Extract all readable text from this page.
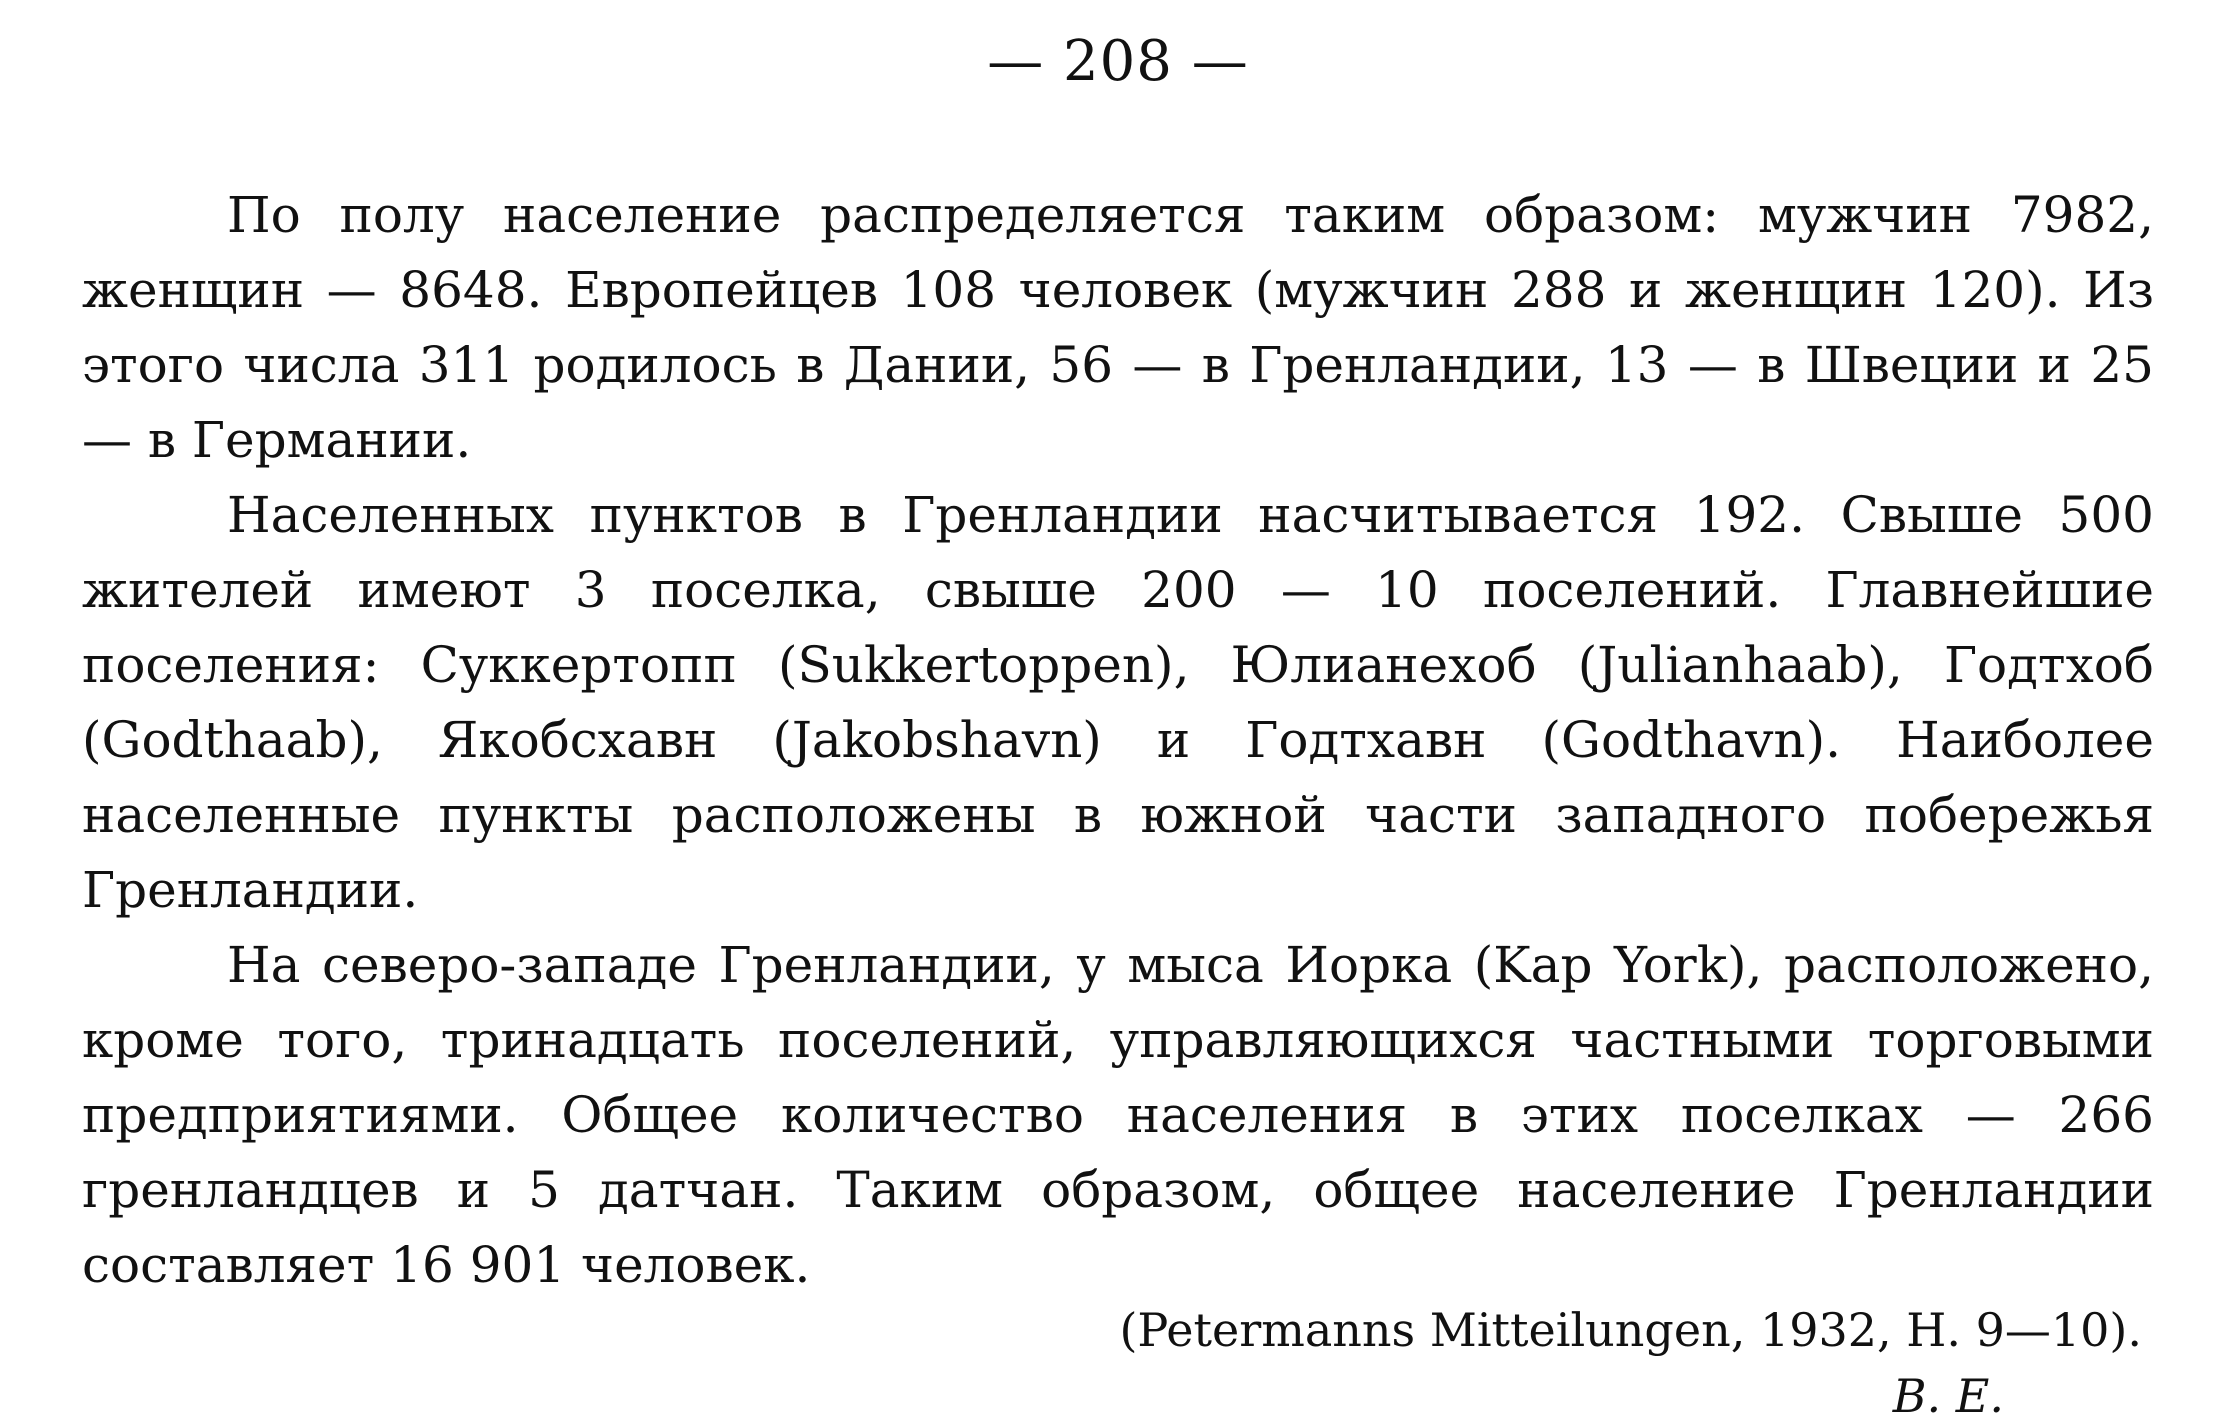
— 208 —

По полу население распределяется таким образом: мужчин 7982, женщин — 8648. Европейцев 108 человек (мужчин 288 и женщин 120). Из этого числа 311 родилось в Дании, 56 — в Гренландии, 13 — в Швеции и 25 — в Германии.

Населенных пунктов в Гренландии насчитывается 192. Свыше 500 жителей имеют 3 поселка, свыше 200 — 10 поселений. Главнейшие поселения: Суккертопп (Sukkertoppen), Юлианехоб (Julianhaab), Годтхоб (Godthaab), Якобсхавн (Jakobshavn) и Годтхавн (Godthavn). Наиболее населенные пункты расположены в южной части западного побережья Гренландии.

На северо-западе Гренландии, у мыса Иорка (Kap York), расположено, кроме того, тринадцать поселений, управляющихся частными торговыми предприятиями. Общее количество населения в этих поселках — 266 гренландцев и 5 датчан. Таким образом, общее население Гренландии составляет 16 901 человек.

(Petermanns Mitteilungen, 1932, H. 9—10).
В. Е.
